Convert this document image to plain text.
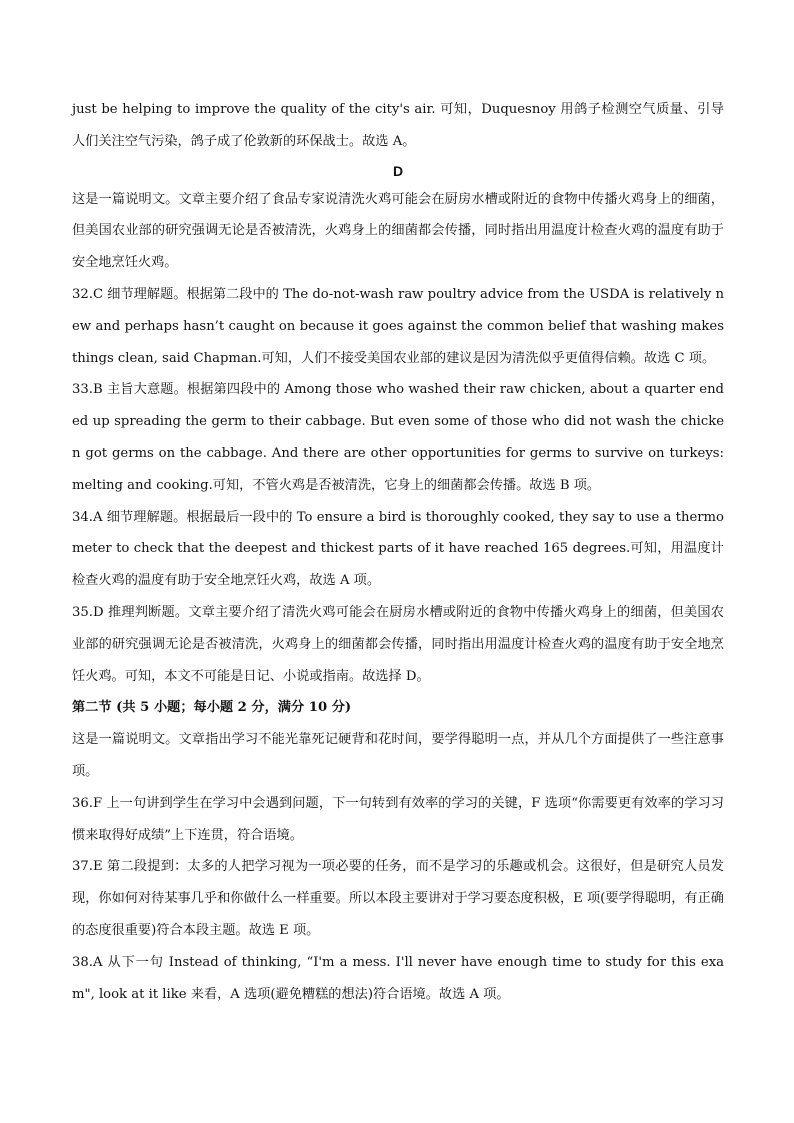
just be helping to improve the quality of the city's air. 可知，Duquesnoy 用鸽子检测空气质量、引导人们关注空气污染，鸽子成了伦敦新的环保战士。故选 A。

D

这是一篇说明文。文章主要介绍了食品专家说清洗火鸡可能会在厨房水槽或附近的食物中传播火鸡身上的细菌，但美国农业部的研究强调无论是否被清洗，火鸡身上的细菌都会传播，同时指出用温度计检查火鸡的温度有助于安全地烹饪火鸡。

32.C 细节理解题。根据第二段中的 The do-not-wash raw poultry advice from the USDA is relatively new and perhaps hasn’t caught on because it goes against the common belief that washing makes things clean, said Chapman.可知，人们不接受美国农业部的建议是因为清洗似乎更值得信赖。故选 C 项。

33.B 主旨大意题。根据第四段中的 Among those who washed their raw chicken, about a quarter ended up spreading the germ to their cabbage. But even some of those who did not wash the chicken got germs on the cabbage. And there are other opportunities for germs to survive on turkeys: melting and cooking.可知，不管火鸡是否被清洗，它身上的细菌都会传播。故选 B 项。

34.A 细节理解题。根据最后一段中的 To ensure a bird is thoroughly cooked, they say to use a thermometer to check that the deepest and thickest parts of it have reached 165 degrees.可知，用温度计检查火鸡的温度有助于安全地烹饪火鸡，故选 A 项。

35.D 推理判断题。文章主要介绍了清洗火鸡可能会在厨房水槽或附近的食物中传播火鸡身上的细菌，但美国农业部的研究强调无论是否被清洗，火鸡身上的细菌都会传播，同时指出用温度计检查火鸡的温度有助于安全地烹饪火鸡。可知，本文不可能是日记、小说或指南。故选择 D。

第二节 (共 5 小题；每小题 2 分，满分 10 分)

这是一篇说明文。文章指出学习不能光靠死记硬背和花时间，要学得聪明一点，并从几个方面提供了一些注意事项。

36.F 上一句讲到学生在学习中会遇到问题，下一句转到有效率的学习的关键，F 选项“你需要更有效率的学习习惯来取得好成绩”上下连贯，符合语境。

37.E 第二段提到：太多的人把学习视为一项必要的任务，而不是学习的乐趣或机会。这很好，但是研究人员发现，你如何对待某事几乎和你做什么一样重要。所以本段主要讲对于学习要态度积极，E 项(要学得聪明，有正确的态度很重要)符合本段主题。故选 E 项。

38.A 从下一句 Instead of thinking, “I'm a mess. I'll never have enough time to study for this exam", look at it like 来看，A 选项(避免糟糕的想法)符合语境。故选 A 项。
